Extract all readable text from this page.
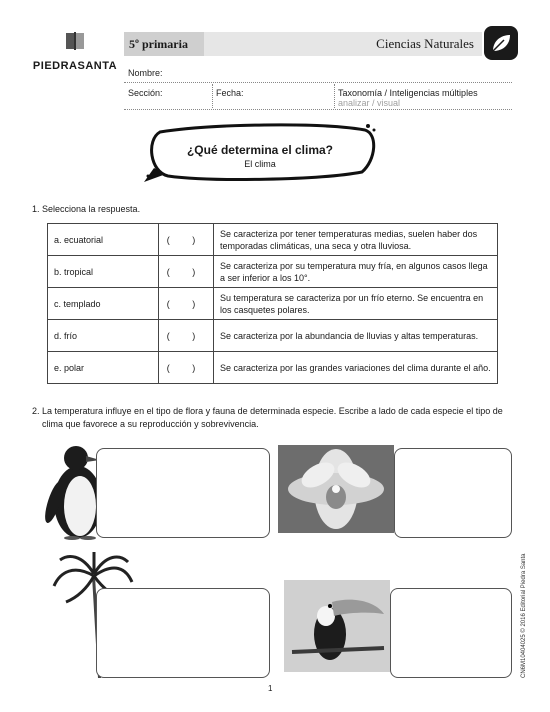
PIEDRASANTA
5º primaria	Ciencias Naturales
Nombre:
Sección:	Fecha:	Taxonomía / Inteligencias múltiples
analizar / visual
¿Qué determina el clima?
El clima
1. Selecciona la respuesta.
a. ecuatorial	( )	Se caracteriza por tener temperaturas medias, suelen haber dos temporadas climáticas, una seca y otra lluviosa.
b. tropical	( )	Se caracteriza por su temperatura muy fría, en algunos casos llega a ser inferior a los 10°.
c. templado	( )	Su temperatura se caracteriza por un frío eterno. Se encuentra en los casquetes polares.
d. frío	( )	Se caracteriza por la abundancia de lluvias y altas temperaturas.
e. polar	( )	Se caracteriza por las grandes variaciones del clima durante el año.
2. La temperatura influye en el tipo de flora y fauna de determinada especie. Escribe a lado de cada especie el tipo de
clima que favorece a su reproducción y sobrevivencia.
CN6M10404025 © 2016 Editorial Piedra Santa
1
